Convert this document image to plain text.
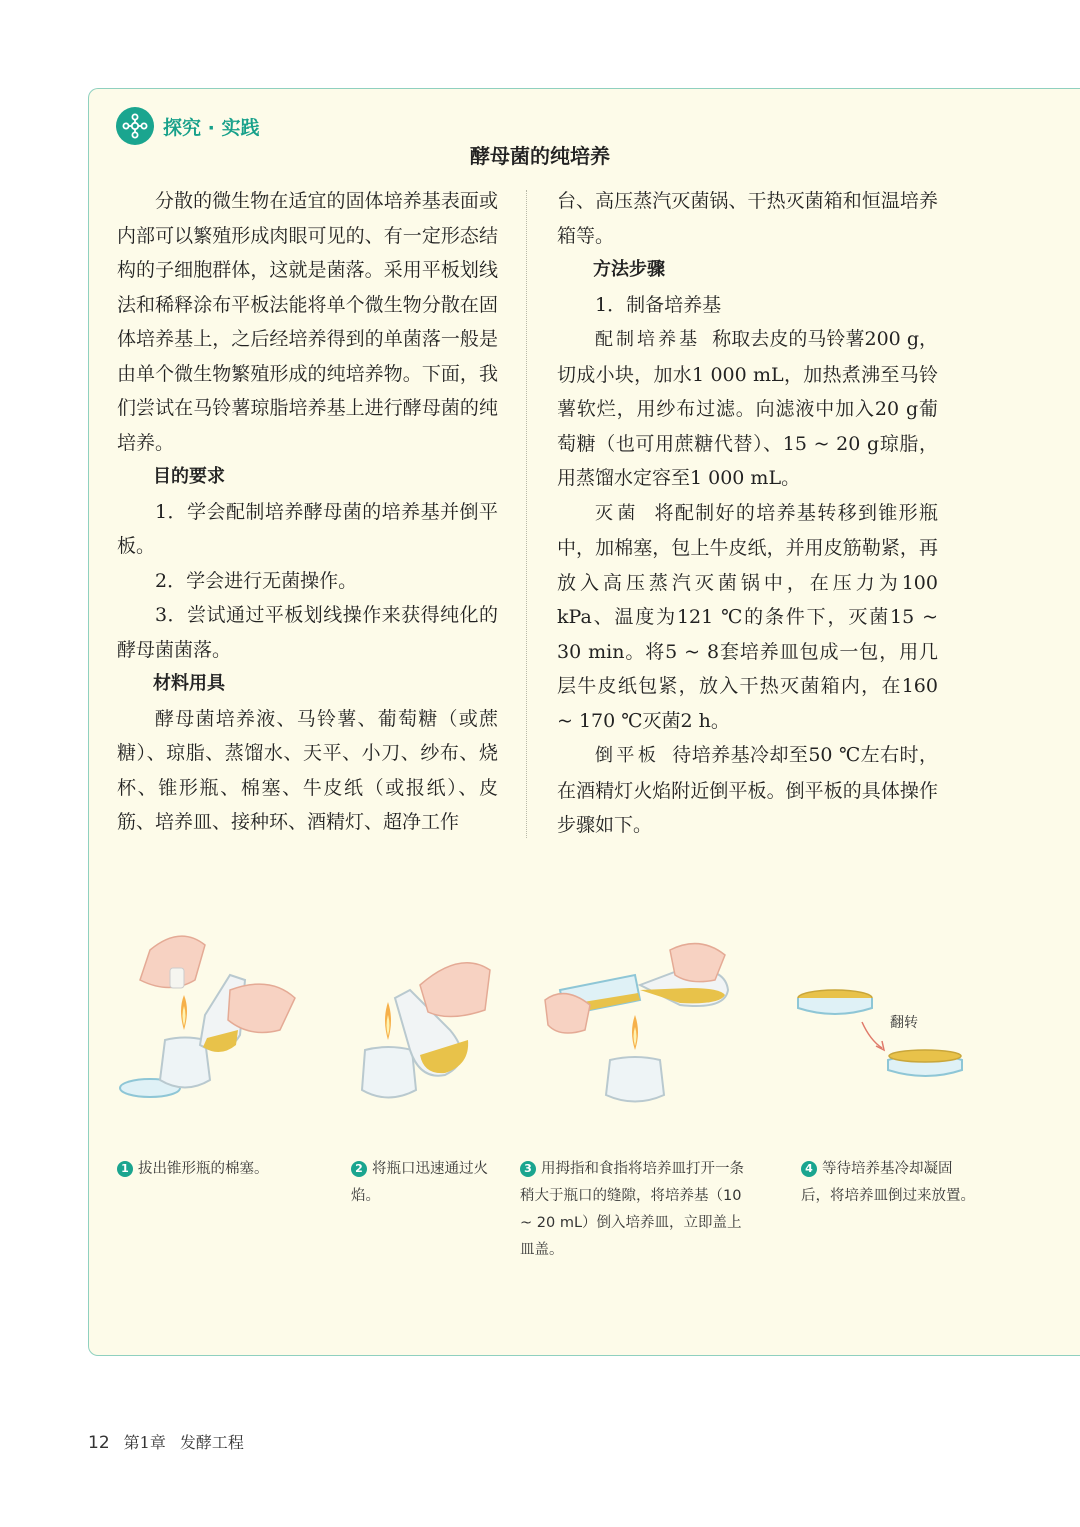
探究 · 实践
酵母菌的纯培养

分散的微生物在适宜的固体培养基表面或内部可以繁殖形成肉眼可见的、有一定形态结构的子细胞群体，这就是菌落。采用平板划线法和稀释涂布平板法能将单个微生物分散在固体培养基上，之后经培养得到的单菌落一般是由单个微生物繁殖形成的纯培养物。下面，我们尝试在马铃薯琼脂培养基上进行酵母菌的纯培养。

目的要求

1．学会配制培养酵母菌的培养基并倒平板。

2．学会进行无菌操作。

3．尝试通过平板划线操作来获得纯化的酵母菌菌落。

材料用具

酵母菌培养液、马铃薯、葡萄糖（或蔗糖）、琼脂、蒸馏水、天平、小刀、纱布、烧杯、锥形瓶、棉塞、牛皮纸（或报纸）、皮筋、培养皿、接种环、酒精灯、超净工作

台、高压蒸汽灭菌锅、干热灭菌箱和恒温培养箱等。

方法步骤

1．制备培养基

配制培养基 称取去皮的马铃薯200 g，切成小块，加水1 000 mL，加热煮沸至马铃薯软烂，用纱布过滤。向滤液中加入20 g葡萄糖（也可用蔗糖代替）、15 ~ 20 g琼脂，用蒸馏水定容至1 000 mL。

灭菌 将配制好的培养基转移到锥形瓶中，加棉塞，包上牛皮纸，并用皮筋勒紧，再放入高压蒸汽灭菌锅中，在压力为100 kPa、温度为121 ℃的条件下，灭菌15 ~ 30 min。将5 ~ 8套培养皿包成一包，用几层牛皮纸包紧，放入干热灭菌箱内，在160 ~ 170 ℃灭菌2 h。

倒平板 待培养基冷却至50 ℃左右时，在酒精灯火焰附近倒平板。倒平板的具体操作步骤如下。

翻转
1 拔出锥形瓶的棉塞。	2 将瓶口迅速通过火焰。
3 用拇指和食指将培养皿打开一条稍大于瓶口的缝隙，将培养基（10 ~ 20 mL）倒入培养皿，立即盖上皿盖。
4 等待培养基冷却凝固后，将培养皿倒过来放置。
12 第1章 发酵工程
